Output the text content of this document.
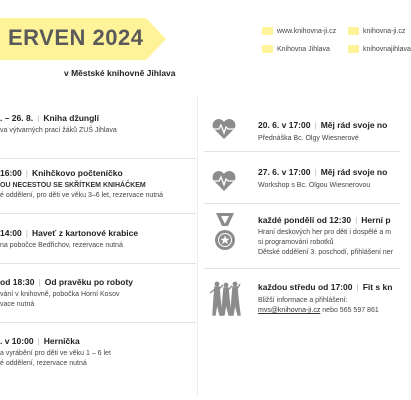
ERVEN 2024
v Městské knihovně Jihlava
www.knihovna-ji.cz
Knihovna Jihlava
knihovna-ji.cz
knihovnajihlava
. – 26. 8. | Kniha džunglí
va výtvarných prací žáků ZUŠ Jihlava
16:00 | Knihčkovo počteníčko
OU NECESTOU SE SKŘÍTKEM KNIHÁČKEM
é oddělení, pro děti ve věku 3–6 let, rezervace nutná
14:00 | Haveť z kartonové krabice
na pobočce Bedřichov, rezervace nutná
od 18:30 | Od pravěku po roboty
vání v knihovně, pobočka Horní Kosov
vace nutná
. v 10:00 | Herníčka
a vyrábění pro děti ve věku 1 – 6 let
é oddělení, rezervace nutná
20. 6. v 17:00 | Měj rád svoje no
Přednáška Bc. Olgy Wiesnerové
27. 6. v 17:00 | Měj rád svoje no
Workshop s Bc. Olgou Wiesnerovou
každé pondělí od 12:30 | Herní p
Hraní deskových her pro děti i dospělé a m
si programování robotků
Dětské oddělení 3. poschodí, přihlášení ner
každou středu od 17:00 | Fit s kn
Bližší informace a přihlášení:
mvs@knihovna-ji.cz nebo 565 597 861
